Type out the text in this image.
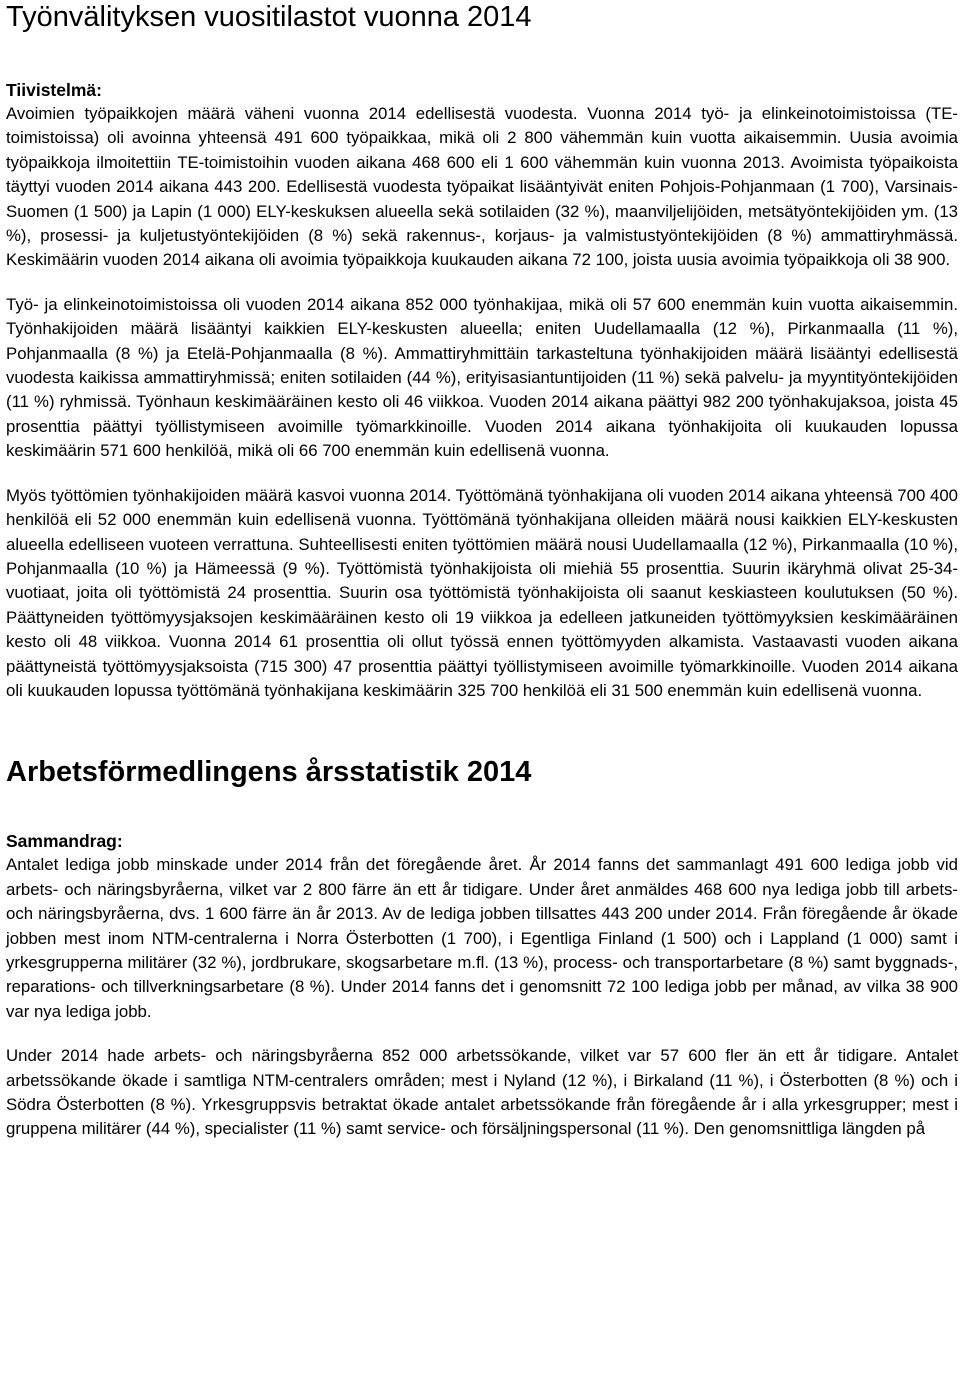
Työnvälityksen vuositilastot vuonna 2014
Tiivistelmä:

Avoimien työpaikkojen määrä väheni vuonna 2014 edellisestä vuodesta. Vuonna 2014 työ- ja elinkeinotoimistoissa (TE-toimistoissa) oli avoinna yhteensä 491 600 työpaikkaa, mikä oli 2 800 vähemmän kuin vuotta aikaisemmin. Uusia avoimia työpaikkoja ilmoitettiin TE-toimistoihin vuoden aikana 468 600 eli 1 600 vähemmän kuin vuonna 2013. Avoimista työpaikoista täyttyi vuoden 2014 aikana 443 200. Edellisestä vuodesta työpaikat lisääntyivät eniten Pohjois-Pohjanmaan (1 700), Varsinais-Suomen (1 500) ja Lapin (1 000) ELY-keskuksen alueella sekä sotilaiden (32 %), maanviljelijöiden, metsätyöntekijöiden ym. (13 %), prosessi- ja kuljetustyöntekijöiden (8 %) sekä rakennus-, korjaus- ja valmistustyöntekijöiden (8 %) ammattiryhmässä. Keskimäärin vuoden 2014 aikana oli avoimia työpaikkoja kuukauden aikana 72 100, joista uusia avoimia työpaikkoja oli 38 900.

Työ- ja elinkeinotoimistoissa oli vuoden 2014 aikana 852 000 työnhakijaa, mikä oli 57 600 enemmän kuin vuotta aikaisemmin. Työnhakijoiden määrä lisääntyi kaikkien ELY-keskusten alueella; eniten Uudellamaalla (12 %), Pirkanmaalla (11 %), Pohjanmaalla (8 %) ja Etelä-Pohjanmaalla (8 %). Ammattiryhmittäin tarkasteltuna työnhakijoiden määrä lisääntyi edellisestä vuodesta kaikissa ammattiryhmissä; eniten sotilaiden (44 %), erityisasiantuntijoiden (11 %) sekä palvelu- ja myyntityöntekijöiden (11 %) ryhmissä. Työnhaun keskimääräinen kesto oli 46 viikkoa. Vuoden 2014 aikana päättyi 982 200 työnhakujaksoa, joista 45 prosenttia päättyi työllistymiseen avoimille työmarkkinoille. Vuoden 2014 aikana työnhakijoita oli kuukauden lopussa keskimäärin 571 600 henkilöä, mikä oli 66 700 enemmän kuin edellisenä vuonna.

Myös työttömien työnhakijoiden määrä kasvoi vuonna 2014. Työttömänä työnhakijana oli vuoden 2014 aikana yhteensä 700 400 henkilöä eli 52 000 enemmän kuin edellisenä vuonna. Työttömänä työnhakijana olleiden määrä nousi kaikkien ELY-keskusten alueella edelliseen vuoteen verrattuna. Suhteellisesti eniten työttömien määrä nousi Uudellamaalla (12 %), Pirkanmaalla (10 %), Pohjanmaalla (10 %) ja Hämeessä (9 %). Työttömistä työnhakijoista oli miehiä 55 prosenttia. Suurin ikäryhmä olivat 25-34-vuotiaat, joita oli työttömistä 24 prosenttia. Suurin osa työttömistä työnhakijoista oli saanut keskiasteen koulutuksen (50 %). Päättyneiden työttömyysjaksojen keskimääräinen kesto oli 19 viikkoa ja edelleen jatkuneiden työttömyyksien keskimääräinen kesto oli 48 viikkoa. Vuonna 2014 61 prosenttia oli ollut työssä ennen työttömyyden alkamista. Vastaavasti vuoden aikana päättyneistä työttömyysjaksoista (715 300) 47 prosenttia päättyi työllistymiseen avoimille työmarkkinoille. Vuoden 2014 aikana oli kuukauden lopussa työttömänä työnhakijana keskimäärin 325 700 henkilöä eli 31 500 enemmän kuin edellisenä vuonna.

Arbetsförmedlingens årsstatistik 2014
Sammandrag:

Antalet lediga jobb minskade under 2014 från det föregående året. År 2014 fanns det sammanlagt 491 600 lediga jobb vid arbets- och näringsbyråerna, vilket var 2 800 färre än ett år tidigare. Under året anmäldes 468 600 nya lediga jobb till arbets- och näringsbyråerna, dvs. 1 600 färre än år 2013. Av de lediga jobben tillsattes 443 200 under 2014. Från föregående år ökade jobben mest inom NTM-centralerna i Norra Österbotten (1 700), i Egentliga Finland (1 500) och i Lappland (1 000) samt i yrkesgrupperna militärer (32 %), jordbrukare, skogsarbetare m.fl. (13 %), process- och transportarbetare (8 %) samt byggnads-, reparations- och tillverkningsarbetare (8 %). Under 2014 fanns det i genomsnitt 72 100 lediga jobb per månad, av vilka 38 900 var nya lediga jobb.

Under 2014 hade arbets- och näringsbyråerna 852 000 arbetssökande, vilket var 57 600 fler än ett år tidigare. Antalet arbetssökande ökade i samtliga NTM-centralers områden; mest i Nyland (12 %), i Birkaland (11 %), i Österbotten (8 %) och i Södra Österbotten (8 %). Yrkesgruppsvis betraktat ökade antalet arbetssökande från föregående år i alla yrkesgrupper; mest i gruppena militärer (44 %), specialister (11 %) samt service- och försäljningspersonal (11 %). Den genomsnittliga längden på
